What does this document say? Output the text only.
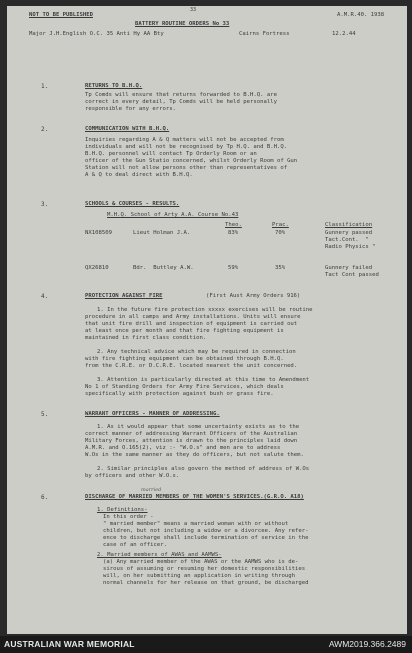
NOT TO BE PUBLISHED	A.M.R.40. 1938
33
BATTERY ROUTINE ORDERS No 33
Major J.H.English O.C. 35 Anti Hy AA Bty	Cairns Fortress	12.2.44
1.	RETURNS TO B.H.Q.
Tp Comds will ensure that returns forwarded to B.H.Q. are
correct in every detail, Tp Comds will be held personally
responsible for any errors.
2.	COMMUNICATION WITH B.H.Q.
Inquiries regarding A & Q matters will not be accepted from
individuals and will not be recognised by Tp H.Q. and B.H.Q.
B.H.Q. personnel will contact Tp Orderly Room or an
officer of the Gun Statio concerned, whilst Orderly Room of Gun
Station will not allow persons other than representatives of
A & Q to deal direct with B.H.Q.
3.	SCHOOLS & COURSES - RESULTS.
M.H.Q. School of Arty A.A. Course No.43
Theo.	Prac.	Classification
NX108509	Lieut Holman J.A.	83%	70%	Gunnery passed
Tact.Cont.  "
Radio Physics "
QX26810	Bdr.  Buttley A.W.	59%	35%	Gunnery failed
Tact Cont passed
4.	PROTECTION AGAINST FIRE	(First Aust Army Orders 916)
1. In the future fire protection xxxxx exercises will be routine
procedure in all camps and Army installations. Units will ensure
that unit fire drill and inspection of equipment is carried out
at least once per month and that fire fighting equipment is
maintained in first class condition.
2. Any technical advice which may be required in connection
with fire fighting equipment can be obtained through B.H.Q.
from the C.R.E. or D.C.R.E. located nearest the unit concerned.
3. Attention is particularly directed at this time to Amendment
No 1 of Standing Orders for Army Fire Services, which deals
specifically with protection against bush or grass fire.
5.	WARRANT OFFICERS - MANNER OF ADDRESSING.
1. As it would appear that some uncertainty exists as to the
correct manner of addressing Warrant Officers of the Australian
Military Forces, attention is drawn to the principles laid down
A.M.R. and O.165(2), viz :- "W.O.s" and men are to address
W.Os in the same manner as they do officers, but not salute them.
2. Similar principles also govern the method of address of W.Os
by officers and other W.O.s.
married
6.	DISCHARGE OF MARRIED MEMBERS OF THE WOMEN'S SERVICES.(G.R.O. A18)
1. Definitions-
In this order -
" married member" means a married woman with or without
children, but not including a widow or a divorcee. Any refer-
ence to discharge shall include termination of service in the
case of an officer.
2. Married members of AWAS and AAMWS-
(a) Any married member of the AWAS or the AAMWS who is de-
sirous of assuming or resuming her domestic responsibilities
will, on her submitting an application in writing through
normal channels for her release on that ground, be discharged
AUSTRALIAN WAR MEMORIAL	AWM2019.366.2489
